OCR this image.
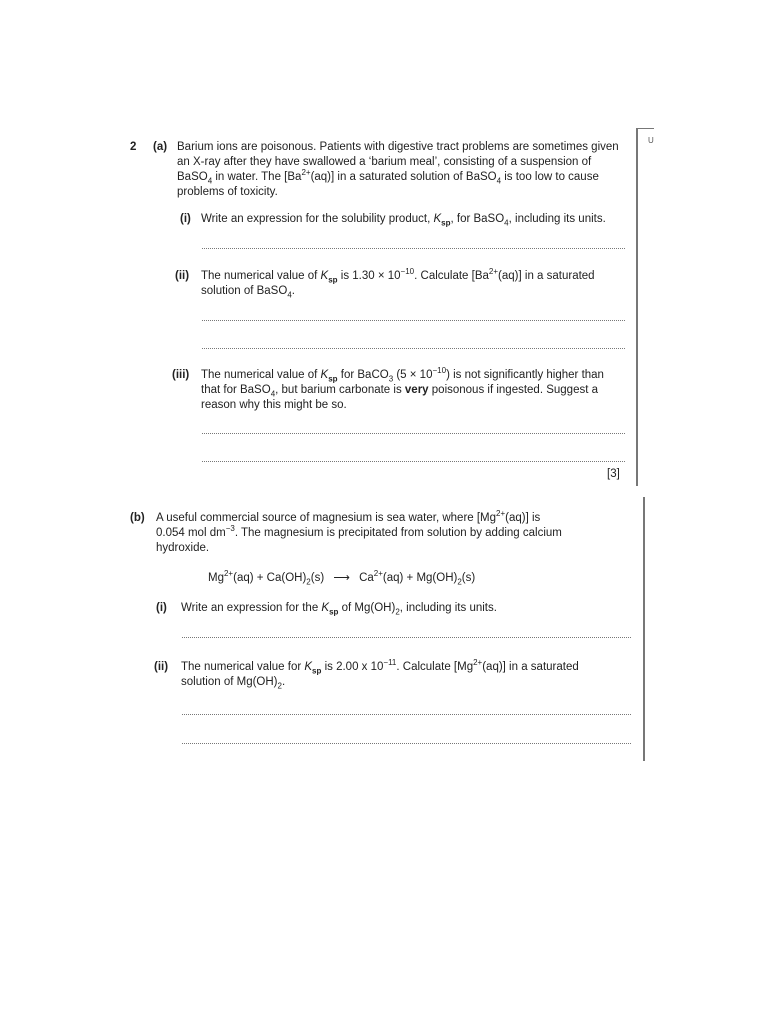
U
2 (a) Barium ions are poisonous. Patients with digestive tract problems are sometimes given
an X-ray after they have swallowed a ‘barium meal’, consisting of a suspension of
BaSO$_4$ in water. The $[Ba^{2+}(aq)]$ in a saturated solution of BaSO$_4$ is too low to cause
problems of toxicity.
(i) Write an expression for the solubility product, $K_{sp}$, for BaSO$_4$, including its units.
(ii) The numerical value of $K_{sp}$ is $1.30 \times 10^{-10}$. Calculate $[Ba^{2+}(aq)]$ in a saturated
solution of BaSO$_4$.
(iii) The numerical value of $K_{sp}$ for BaCO$_3$ $(5 \times 10^{-10})$ is not significantly higher than
that for BaSO$_4$, but barium carbonate is very poisonous if ingested. Suggest a
reason why this might be so.
[3]
(b) A useful commercial source of magnesium is sea water, where $[Mg^{2+}(aq)]$ is
0.054 mol $dm^{-3}$. The magnesium is precipitated from solution by adding calcium
hydroxide.
$Mg^{2+}(aq) + Ca(OH)_2(s)$ ⟶ $Ca^{2+}(aq) + Mg(OH)_2(s)$
(i) Write an expression for the $K_{sp}$ of $Mg(OH)_2$, including its units.
(ii) The numerical value for $K_{sp}$ is 2.00 x $10^{-11}$. Calculate $[Mg^{2+}(aq)]$ in a saturated
solution of $Mg(OH)_2$.
